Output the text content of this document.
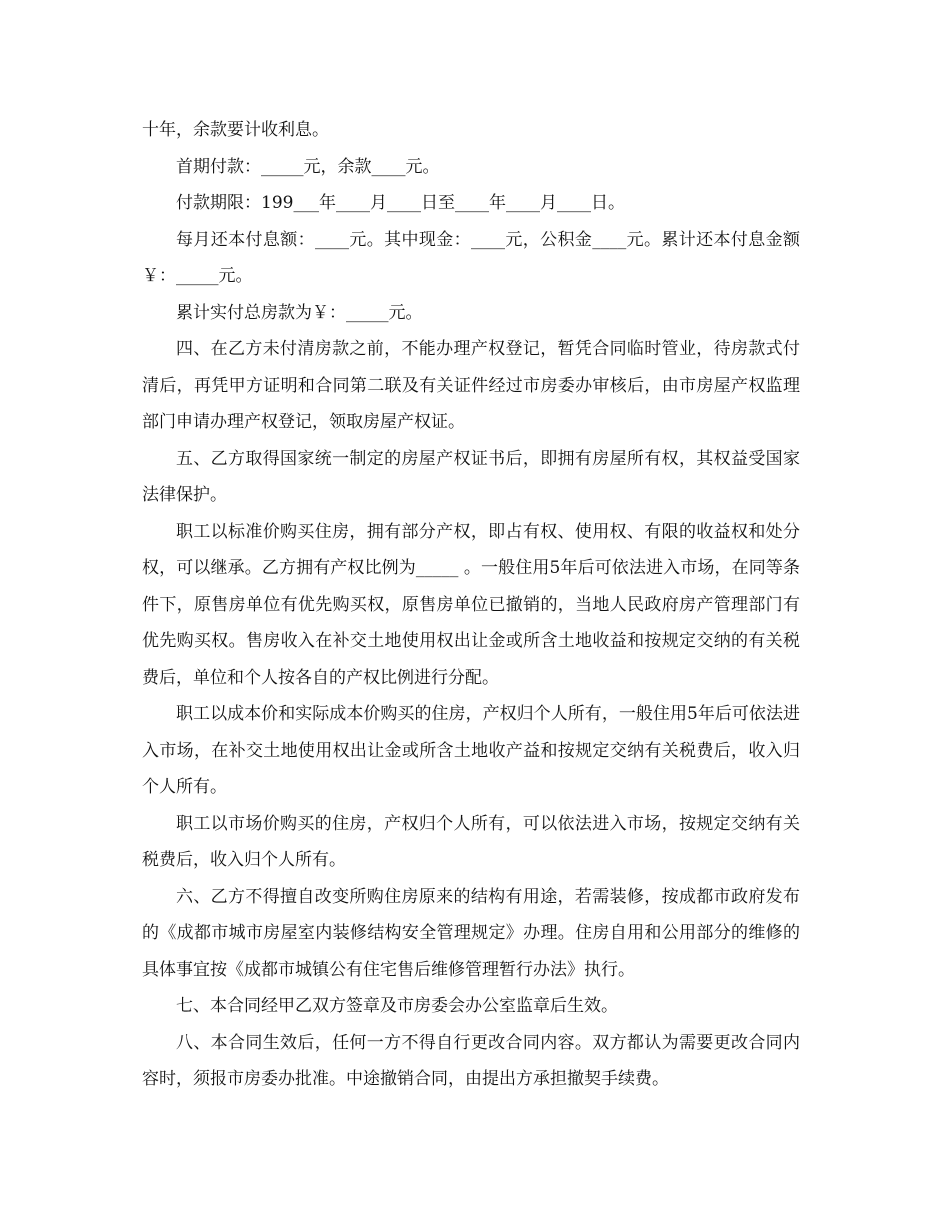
十年，余款要计收利息。

首期付款：_____元，余款____元。

付款期限：199___年____月____日至____年____月____日。

每月还本付息额：____元。其中现金：____元，公积金____元。累计还本付息金额￥：_____元。

累计实付总房款为￥：_____元。

四、在乙方未付清房款之前，不能办理产权登记，暂凭合同临时管业，待房款式付清后，再凭甲方证明和合同第二联及有关证件经过市房委办审核后，由市房屋产权监理部门申请办理产权登记，领取房屋产权证。

五、乙方取得国家统一制定的房屋产权证书后，即拥有房屋所有权，其权益受国家法律保护。

职工以标准价购买住房，拥有部分产权，即占有权、使用权、有限的收益权和处分权，可以继承。乙方拥有产权比例为_____ 。一般住用5年后可依法进入市场，在同等条件下，原售房单位有优先购买权，原售房单位已撤销的，当地人民政府房产管理部门有优先购买权。售房收入在补交土地使用权出让金或所含土地收益和按规定交纳的有关税费后，单位和个人按各自的产权比例进行分配。

职工以成本价和实际成本价购买的住房，产权归个人所有，一般住用5年后可依法进入市场，在补交土地使用权出让金或所含土地收产益和按规定交纳有关税费后，收入归个人所有。

职工以市场价购买的住房，产权归个人所有，可以依法进入市场，按规定交纳有关税费后，收入归个人所有。

六、乙方不得擅自改变所购住房原来的结构有用途，若需装修，按成都市政府发布的《成都市城市房屋室内装修结构安全管理规定》办理。住房自用和公用部分的维修的具体事宜按《成都市城镇公有住宅售后维修管理暂行办法》执行。

七、本合同经甲乙双方签章及市房委会办公室监章后生效。

八、本合同生效后，任何一方不得自行更改合同内容。双方都认为需要更改合同内容时，须报市房委办批准。中途撤销合同，由提出方承担撤契手续费。
